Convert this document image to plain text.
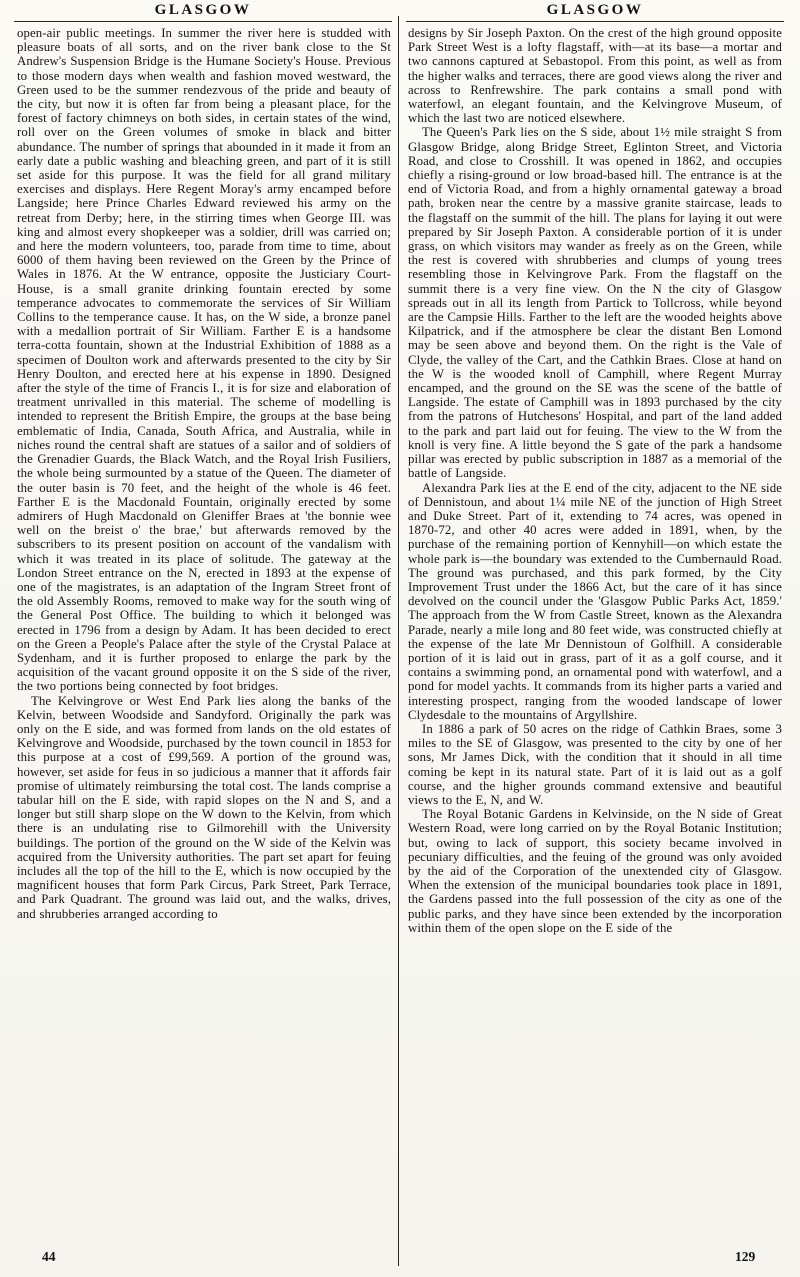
GLASGOW	GLASGOW

open-air public meetings. In summer the river here is studded with pleasure boats of all sorts, and on the river bank close to the St Andrew's Suspension Bridge is the Humane Society's House. Previous to those modern days when wealth and fashion moved westward, the Green used to be the summer rendezvous of the pride and beauty of the city, but now it is often far from being a pleasant place, for the forest of factory chimneys on both sides, in certain states of the wind, roll over on the Green volumes of smoke in black and bitter abundance. The number of springs that abounded in it made it from an early date a public washing and bleaching green, and part of it is still set aside for this purpose. It was the field for all grand military exercises and displays. Here Regent Moray's army encamped before Langside; here Prince Charles Edward reviewed his army on the retreat from Derby; here, in the stirring times when George III. was king and almost every shopkeeper was a soldier, drill was carried on; and here the modern volunteers, too, parade from time to time, about 6000 of them having been reviewed on the Green by the Prince of Wales in 1876. At the W entrance, opposite the Justiciary Court-House, is a small granite drinking fountain erected by some temperance advocates to commemorate the services of Sir William Collins to the temperance cause. It has, on the W side, a bronze panel with a medallion portrait of Sir William. Farther E is a handsome terra-cotta fountain, shown at the Industrial Exhibition of 1888 as a specimen of Doulton work and afterwards presented to the city by Sir Henry Doulton, and erected here at his expense in 1890. Designed after the style of the time of Francis I., it is for size and elaboration of treatment unrivalled in this material. The scheme of modelling is intended to represent the British Empire, the groups at the base being emblematic of India, Canada, South Africa, and Australia, while in niches round the central shaft are statues of a sailor and of soldiers of the Grenadier Guards, the Black Watch, and the Royal Irish Fusiliers, the whole being surmounted by a statue of the Queen. The diameter of the outer basin is 70 feet, and the height of the whole is 46 feet. Farther E is the Macdonald Fountain, originally erected by some admirers of Hugh Macdonald on Gleniffer Braes at 'the bonnie wee well on the breist o' the brae,' but afterwards removed by the subscribers to its present position on account of the vandalism with which it was treated in its place of solitude. The gateway at the London Street entrance on the N, erected in 1893 at the expense of one of the magistrates, is an adaptation of the Ingram Street front of the old Assembly Rooms, removed to make way for the south wing of the General Post Office. The building to which it belonged was erected in 1796 from a design by Adam. It has been decided to erect on the Green a People's Palace after the style of the Crystal Palace at Sydenham, and it is further proposed to enlarge the park by the acquisition of the vacant ground opposite it on the S side of the river, the two portions being connected by foot bridges.

The Kelvingrove or West End Park lies along the banks of the Kelvin, between Woodside and Sandyford. Originally the park was only on the E side, and was formed from lands on the old estates of Kelvingrove and Woodside, purchased by the town council in 1853 for this purpose at a cost of £99,569. A portion of the ground was, however, set aside for feus in so judicious a manner that it affords fair promise of ultimately reimbursing the total cost. The lands comprise a tabular hill on the E side, with rapid slopes on the N and S, and a longer but still sharp slope on the W down to the Kelvin, from which there is an undulating rise to Gilmorehill with the University buildings. The portion of the ground on the W side of the Kelvin was acquired from the University authorities. The part set apart for feuing includes all the top of the hill to the E, which is now occupied by the magnificent houses that form Park Circus, Park Street, Park Terrace, and Park Quadrant. The ground was laid out, and the walks, drives, and shrubberies arranged according to

designs by Sir Joseph Paxton. On the crest of the high ground opposite Park Street West is a lofty flagstaff, with—at its base—a mortar and two cannons captured at Sebastopol. From this point, as well as from the higher walks and terraces, there are good views along the river and across to Renfrewshire. The park contains a small pond with waterfowl, an elegant fountain, and the Kelvingrove Museum, of which the last two are noticed elsewhere.

The Queen's Park lies on the S side, about 1½ mile straight S from Glasgow Bridge, along Bridge Street, Eglinton Street, and Victoria Road, and close to Crosshill. It was opened in 1862, and occupies chiefly a rising-ground or low broad-based hill. The entrance is at the end of Victoria Road, and from a highly ornamental gateway a broad path, broken near the centre by a massive granite staircase, leads to the flagstaff on the summit of the hill. The plans for laying it out were prepared by Sir Joseph Paxton. A considerable portion of it is under grass, on which visitors may wander as freely as on the Green, while the rest is covered with shrubberies and clumps of young trees resembling those in Kelvingrove Park. From the flagstaff on the summit there is a very fine view. On the N the city of Glasgow spreads out in all its length from Partick to Tollcross, while beyond are the Campsie Hills. Farther to the left are the wooded heights above Kilpatrick, and if the atmosphere be clear the distant Ben Lomond may be seen above and beyond them. On the right is the Vale of Clyde, the valley of the Cart, and the Cathkin Braes. Close at hand on the W is the wooded knoll of Camphill, where Regent Murray encamped, and the ground on the SE was the scene of the battle of Langside. The estate of Camphill was in 1893 purchased by the city from the patrons of Hutchesons' Hospital, and part of the land added to the park and part laid out for feuing. The view to the W from the knoll is very fine. A little beyond the S gate of the park a handsome pillar was erected by public subscription in 1887 as a memorial of the battle of Langside.

Alexandra Park lies at the E end of the city, adjacent to the NE side of Dennistoun, and about 1¼ mile NE of the junction of High Street and Duke Street. Part of it, extending to 74 acres, was opened in 1870-72, and other 40 acres were added in 1891, when, by the purchase of the remaining portion of Kennyhill—on which estate the whole park is—the boundary was extended to the Cumbernauld Road. The ground was purchased, and this park formed, by the City Improvement Trust under the 1866 Act, but the care of it has since devolved on the council under the 'Glasgow Public Parks Act, 1859.' The approach from the W from Castle Street, known as the Alexandra Parade, nearly a mile long and 80 feet wide, was constructed chiefly at the expense of the late Mr Dennistoun of Golfhill. A considerable portion of it is laid out in grass, part of it as a golf course, and it contains a swimming pond, an ornamental pond with waterfowl, and a pond for model yachts. It commands from its higher parts a varied and interesting prospect, ranging from the wooded landscape of lower Clydesdale to the mountains of Argyllshire.

In 1886 a park of 50 acres on the ridge of Cathkin Braes, some 3 miles to the SE of Glasgow, was presented to the city by one of her sons, Mr James Dick, with the condition that it should in all time coming be kept in its natural state. Part of it is laid out as a golf course, and the higher grounds command extensive and beautiful views to the E, N, and W.

The Royal Botanic Gardens in Kelvinside, on the N side of Great Western Road, were long carried on by the Royal Botanic Institution; but, owing to lack of support, this society became involved in pecuniary difficulties, and the feuing of the ground was only avoided by the aid of the Corporation of the unextended city of Glasgow. When the extension of the municipal boundaries took place in 1891, the Gardens passed into the full possession of the city as one of the public parks, and they have since been extended by the incorporation within them of the open slope on the E side of the

44	129
